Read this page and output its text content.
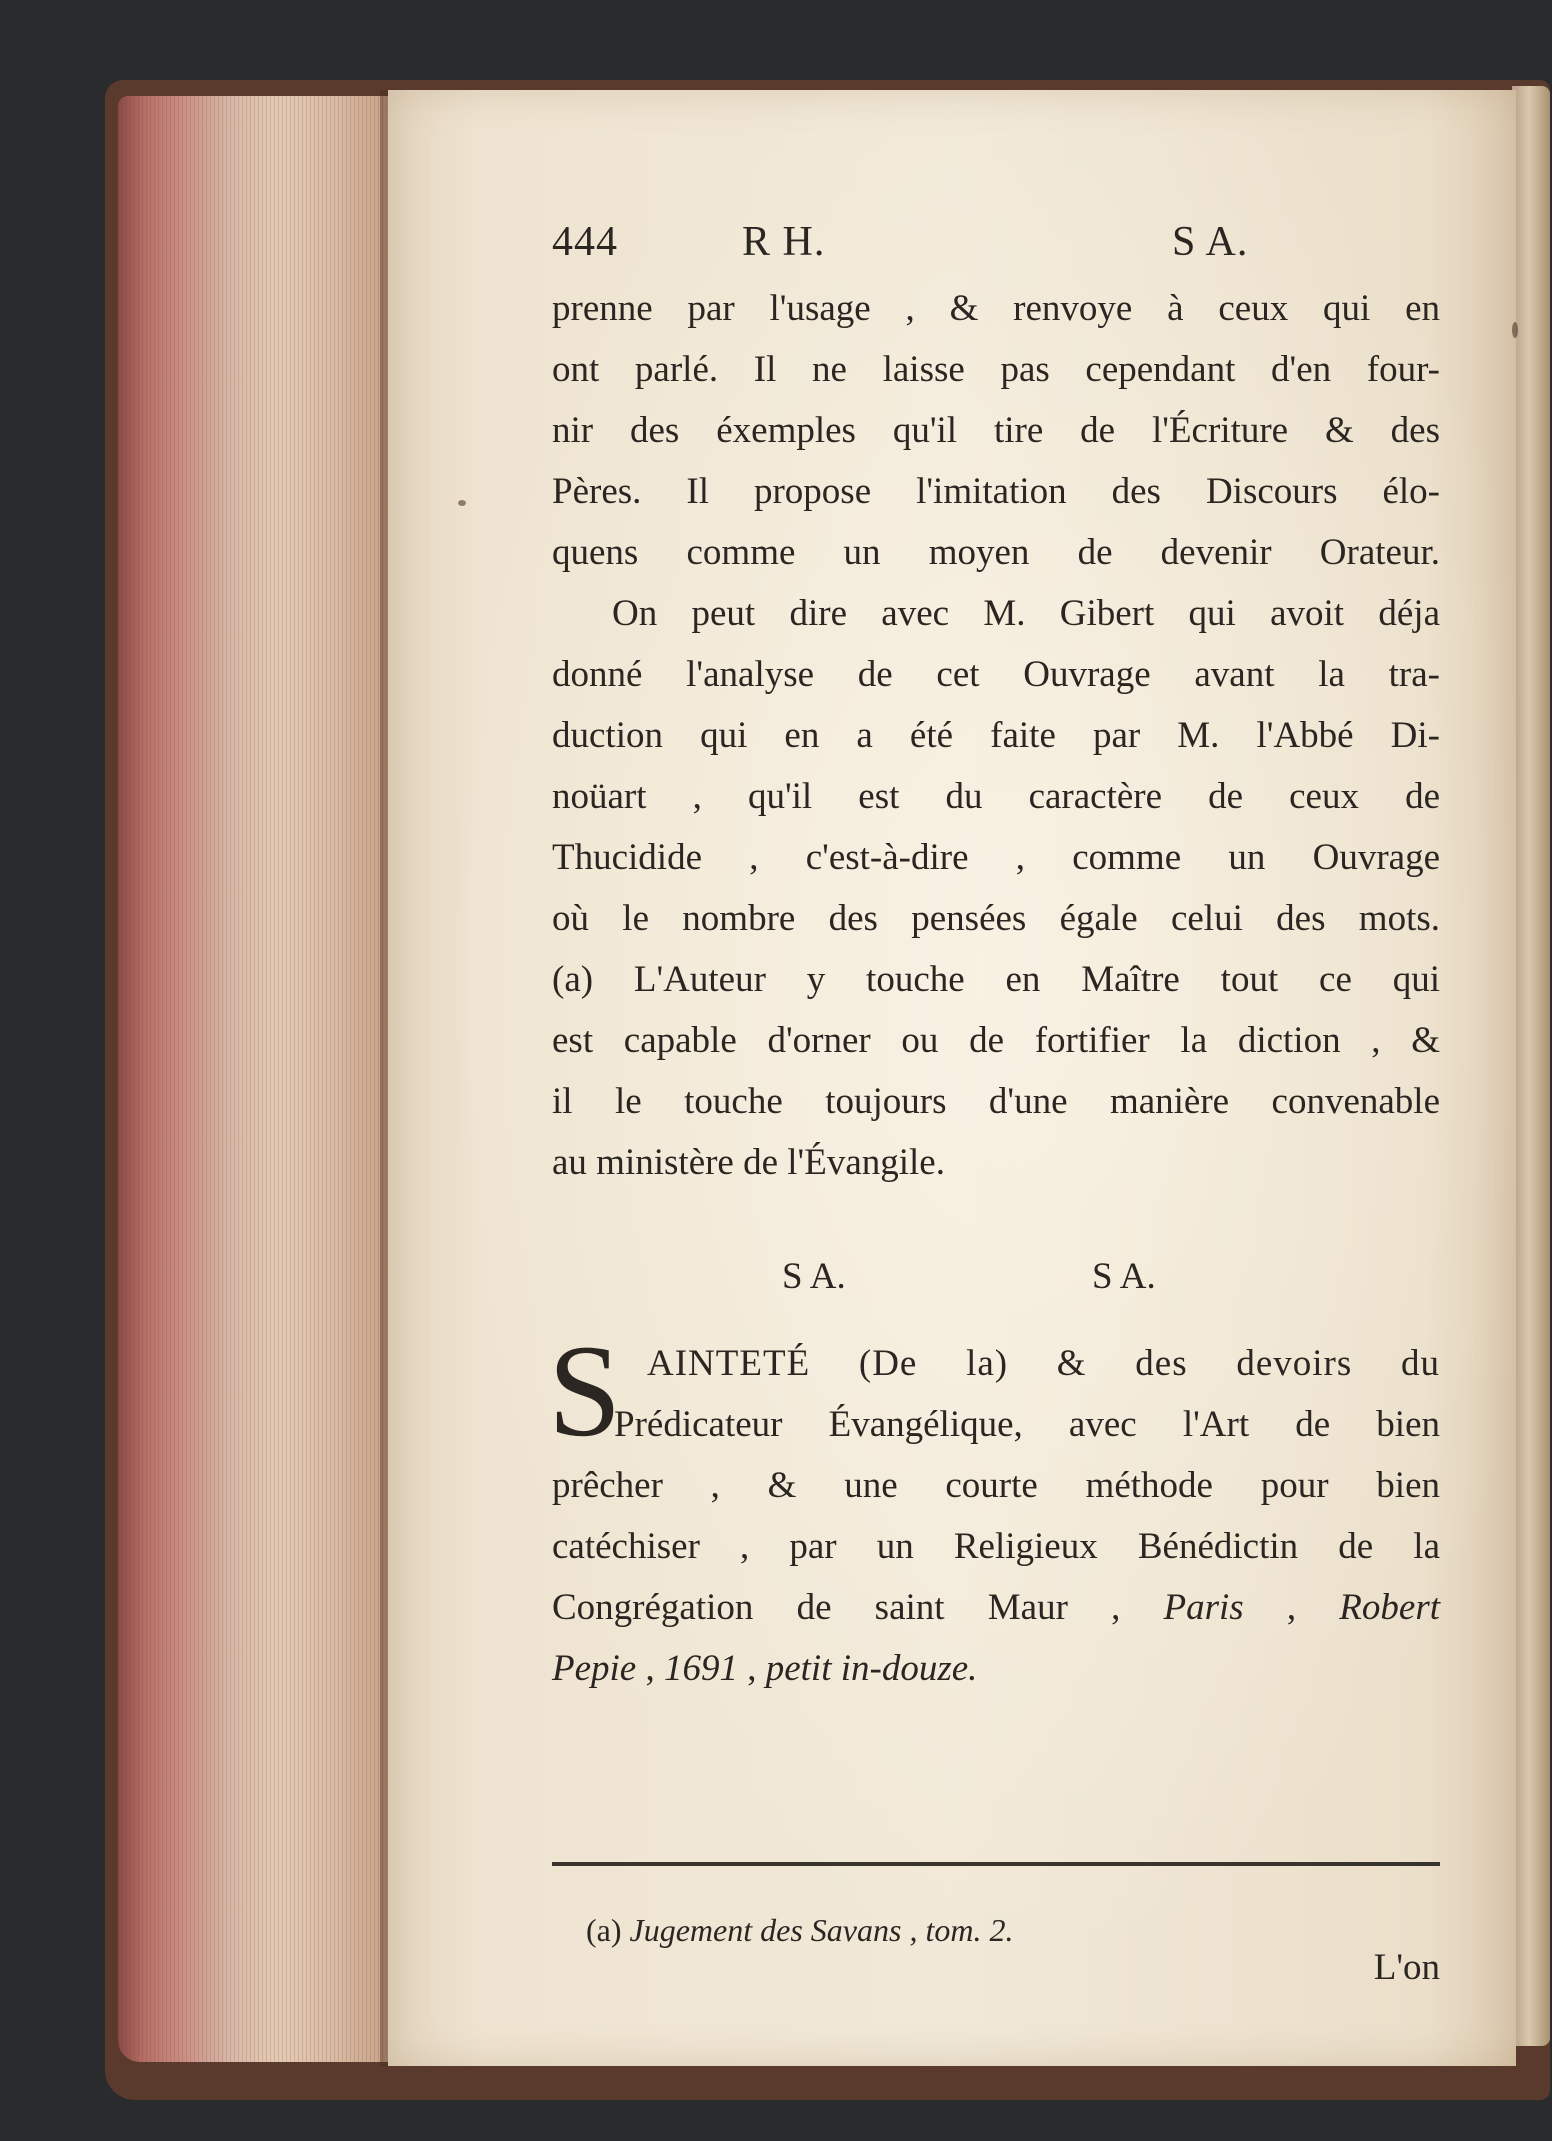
444	R H.	S A.
prenne par l'usage , & renvoye à ceux qui en
ont parlé. Il ne laisse pas cependant d'en four-
nir des éxemples qu'il tire de l'Écriture & des
Pères. Il propose l'imitation des Discours élo-
quens comme un moyen de devenir Orateur.
On peut dire avec M. Gibert qui avoit déja
donné l'analyse de cet Ouvrage avant la tra-
duction qui en a été faite par M. l'Abbé Di-
noüart , qu'il est du caractère de ceux de
Thucidide , c'est-à-dire , comme un Ouvrage
où le nombre des pensées égale celui des mots.
(a) L'Auteur y touche en Maître tout ce qui
est capable d'orner ou de fortifier la diction , &
il le touche toujours d'une manière convenable
au ministère de l'Évangile.
S A.	S A.
S AINTETÉ (De la) & des devoirs du
Prédicateur Évangélique, avec l'Art de bien
prêcher , & une courte méthode pour bien
catéchiser , par un Religieux Bénédictin de la
Congrégation de saint Maur , Paris , Robert
Pepie , 1691 , petit in-douze.
(a) Jugement des Savans , tom. 2.
L'on
